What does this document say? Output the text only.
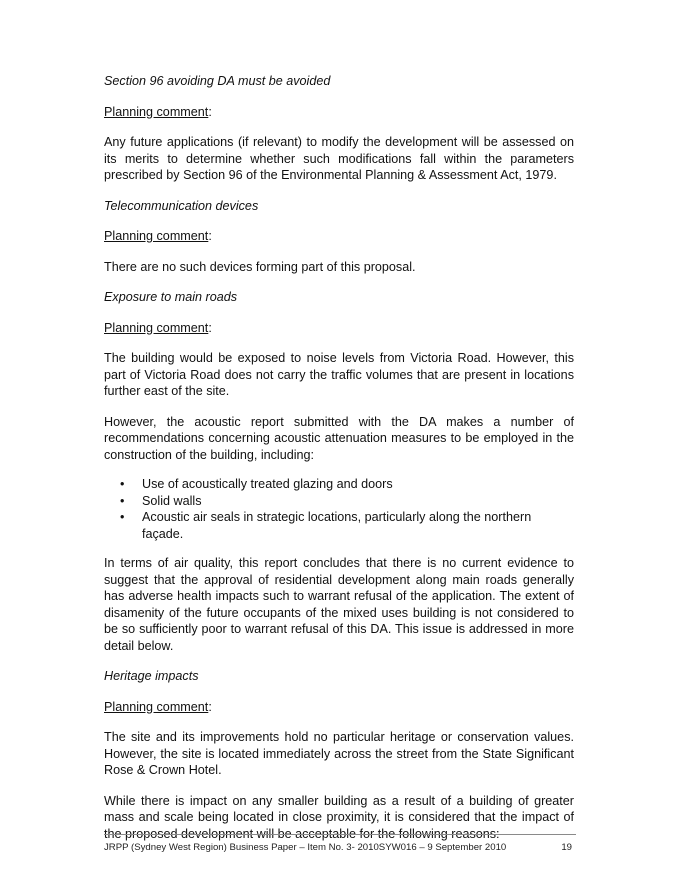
Section 96 avoiding DA must be avoided

Planning comment:

Any future applications (if relevant) to modify the development will be assessed on its merits to determine whether such modifications fall within the parameters prescribed by Section 96 of the Environmental Planning & Assessment Act, 1979.

Telecommunication devices

Planning comment:

There are no such devices forming part of this proposal.

Exposure to main roads

Planning comment:

The building would be exposed to noise levels from Victoria Road. However, this part of Victoria Road does not carry the traffic volumes that are present in locations further east of the site.

However, the acoustic report submitted with the DA makes a number of recommendations concerning acoustic attenuation measures to be employed in the construction of the building, including:

• Use of acoustically treated glazing and doors
• Solid walls
• Acoustic air seals in strategic locations, particularly along the northern façade.

In terms of air quality, this report concludes that there is no current evidence to suggest that the approval of residential development along main roads generally has adverse health impacts such to warrant refusal of the application. The extent of disamenity of the future occupants of the mixed uses building is not considered to be so sufficiently poor to warrant refusal of this DA. This issue is addressed in more detail below.

Heritage impacts

Planning comment:

The site and its improvements hold no particular heritage or conservation values. However, the site is located immediately across the street from the State Significant Rose & Crown Hotel.

While there is impact on any smaller building as a result of a building of greater mass and scale being located in close proximity, it is considered that the impact of the proposed development will be acceptable for the following reasons:

JRPP (Sydney West Region) Business Paper – Item No. 3- 2010SYW016 – 9 September 2010	19
